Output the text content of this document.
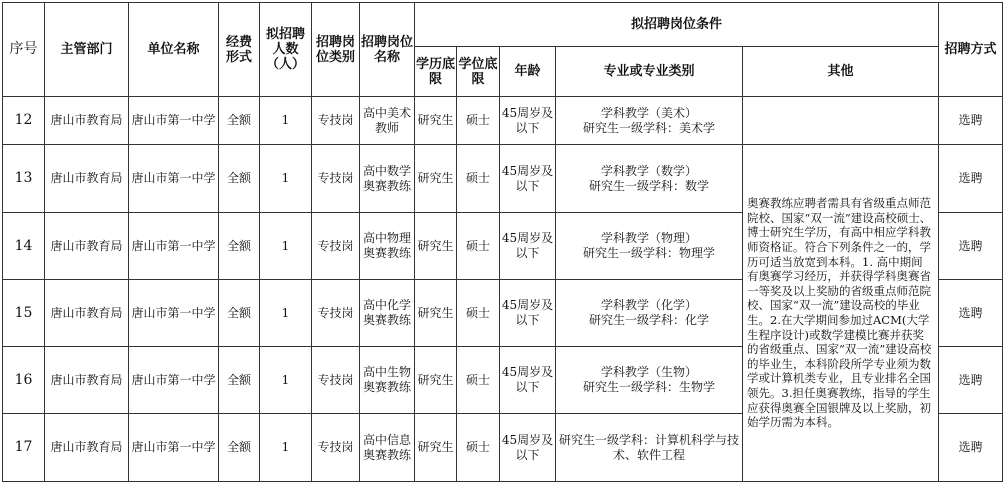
序号	主管部门	单位名称	经费形式	拟招聘人数（人）	招聘岗位类别	招聘岗位名称	拟招聘岗位条件					招聘方式
							学历底限	学位底限	年龄	专业或专业类别	其他	
12	唐山市教育局	唐山市第一中学	全额	1	专技岗	高中美术教师	研究生	硕士	45周岁及以下	学科教学（美术）
研究生一级学科：美术学		选聘
13	唐山市教育局	唐山市第一中学	全额	1	专技岗	高中数学奥赛教练	研究生	硕士	45周岁及以下	学科教学（数学）
研究生一级学科：数学	奥赛教练应聘者需具有省级重点师范院校、国家“双一流”建设高校硕士、博士研究生学历，有高中相应学科教师资格证。符合下列条件之一的，学历可适当放宽到本科。1. 高中期间有奥赛学习经历，并获得学科奥赛省一等奖及以上奖励的省级重点师范院校、国家“双一流”建设高校的毕业生。2.在大学期间参加过ACM(大学生程序设计)或数学建模比赛并获奖的省级重点、国家“双一流”建设高校的毕业生，本科阶段所学专业须为数学或计算机类专业，且专业排名全国领先。3.担任奥赛教练，指导的学生应获得奥赛全国银牌及以上奖励，初始学历需为本科。	选聘
14	唐山市教育局	唐山市第一中学	全额	1	专技岗	高中物理奥赛教练	研究生	硕士	45周岁及以下	学科教学（物理）
研究生一级学科：物理学		选聘
15	唐山市教育局	唐山市第一中学	全额	1	专技岗	高中化学奥赛教练	研究生	硕士	45周岁及以下	学科教学（化学）
研究生一级学科：化学		选聘
16	唐山市教育局	唐山市第一中学	全额	1	专技岗	高中生物奥赛教练	研究生	硕士	45周岁及以下	学科教学（生物）
研究生一级学科：生物学		选聘
17	唐山市教育局	唐山市第一中学	全额	1	专技岗	高中信息奥赛教练	研究生	硕士	45周岁及以下	研究生一级学科：计算机科学与技术、软件工程		选聘
